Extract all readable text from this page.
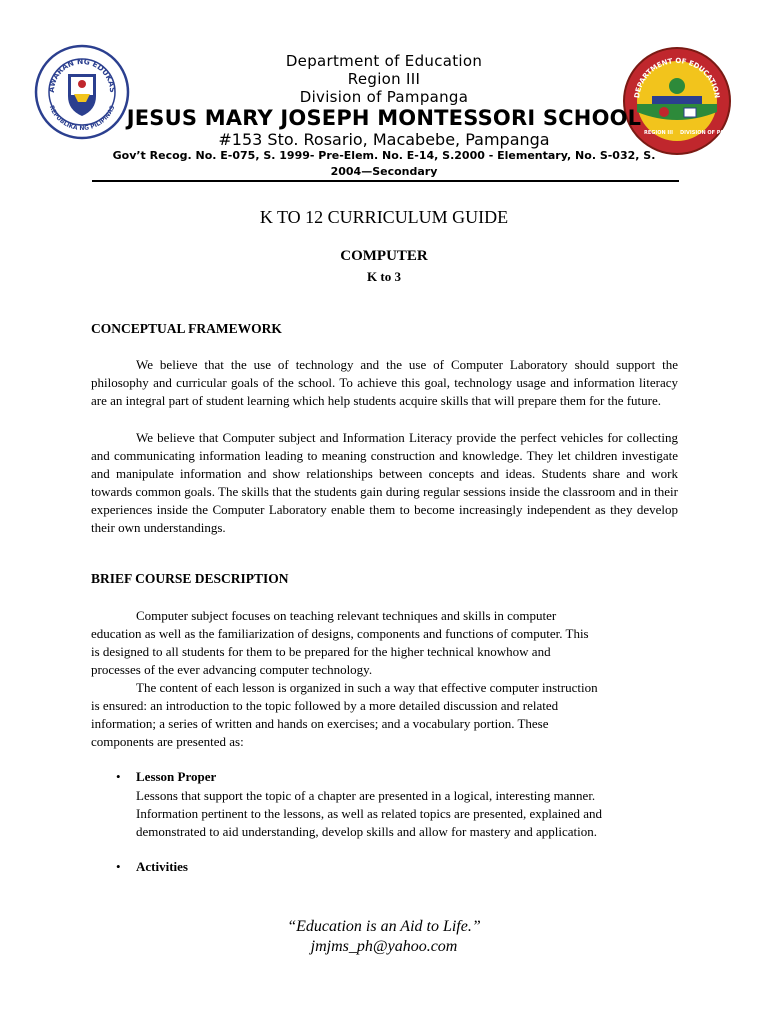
AWARAN NG EDUKAS
REPUBLIKA NG PILIPINAS
DEPARTMENT OF EDUCATION
REGION III DIVISION OF PAMP
Department of Education
Region III
Division of Pampanga
JESUS MARY JOSEPH MONTESSORI SCHOOL
#153 Sto. Rosario, Macabebe, Pampanga
Gov’t Recog. No. E-075, S. 1999- Pre-Elem. No. E-14, S.2000 - Elementary, No. S-032, S. 2004—Secondary
K TO 12 CURRICULUM GUIDE
COMPUTER
K to 3
CONCEPTUAL FRAMEWORK
We believe that the use of technology and the use of Computer Laboratory should support the philosophy and curricular goals of the school. To achieve this goal, technology usage and information literacy are an integral part of student learning which help students acquire skills that will prepare them for the future.
We believe that Computer subject and Information Literacy provide the perfect vehicles for collecting and communicating information leading to meaning construction and knowledge. They let children investigate and manipulate information and show relationships between concepts and ideas. Students share and work towards common goals. The skills that the students gain during regular sessions inside the classroom and in their experiences inside the Computer Laboratory enable them to become increasingly independent as they develop their own understandings.
BRIEF COURSE DESCRIPTION
Computer subject focuses on teaching relevant techniques and skills in computer
education as well as the familiarization of designs, components and functions of computer. This
is designed to all students for them to be prepared for the higher technical knowhow and
processes of the ever advancing computer technology.
The content of each lesson is organized in such a way that effective computer instruction
is ensured: an introduction to the topic followed by a more detailed discussion and related
information; a series of written and hands on exercises; and a vocabulary portion. These
components are presented as:
• Lesson Proper
Lessons that support the topic of a chapter are presented in a logical, interesting manner.
Information pertinent to the lessons, as well as related topics are presented, explained and
demonstrated to aid understanding, develop skills and allow for mastery and application.
• Activities
“Education is an Aid to Life.”
jmjms_ph@yahoo.com
